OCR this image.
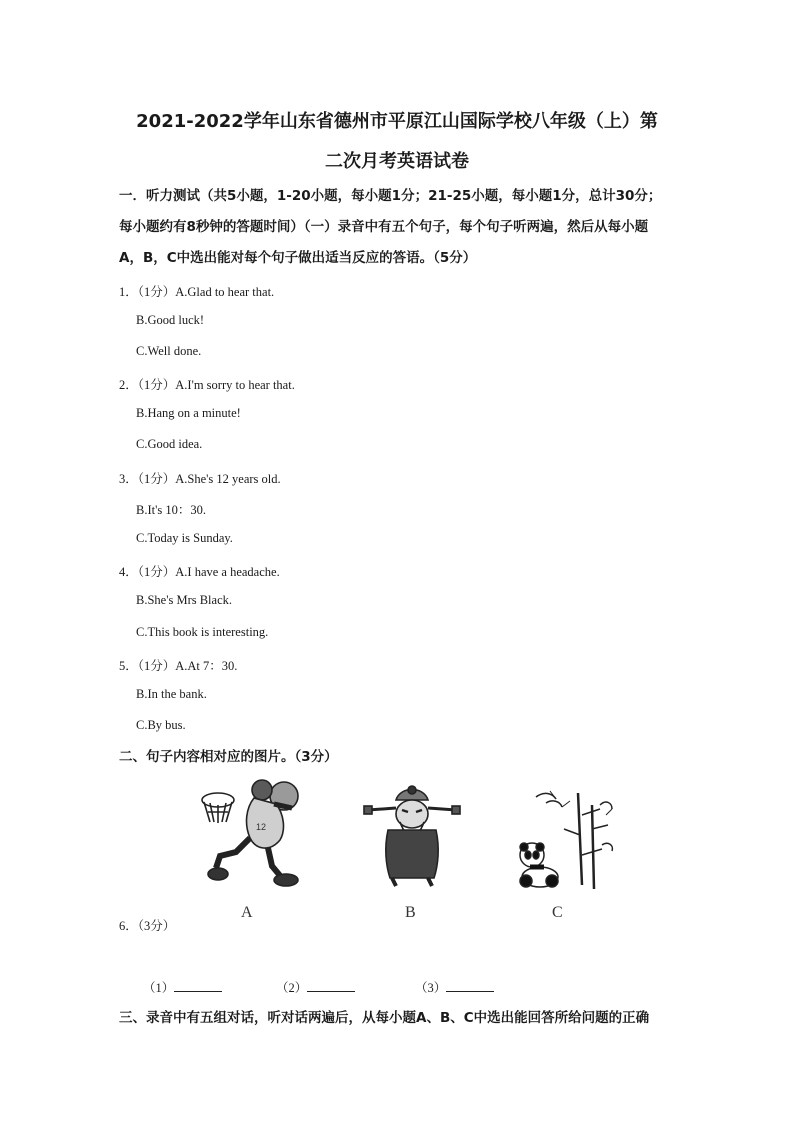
2021-2022学年山东省德州市平原江山国际学校八年级（上）第
二次月考英语试卷
一．听力测试（共5小题，1-20小题，每小题1分；21-25小题，每小题1分，总计30分；
每小题约有8秒钟的答题时间）（一）录音中有五个句子，每个句子听两遍，然后从每小题
A，B，C中选出能对每个句子做出适当反应的答语。（5分）
1．（1分）A.Glad to hear that.
B.Good luck!
C.Well done.
2．（1分）A.I'm sorry to hear that.
B.Hang on a minute!
C.Good idea.
3．（1分）A.She's 12 years old.
B.It's 10：30.
C.Today is Sunday.
4．（1分）A.I have a headache.
B.She's Mrs Black.
C.This book is interesting.
5．（1分）A.At 7：30.
B.In the bank.
C.By bus.
二、句子内容相对应的图片。（3分）
12
A	B	C
6．（3分）
（1）	（2）	（3）
三、录音中有五组对话，听对话两遍后，从每小题A、B、C中选出能回答所给问题的正确
